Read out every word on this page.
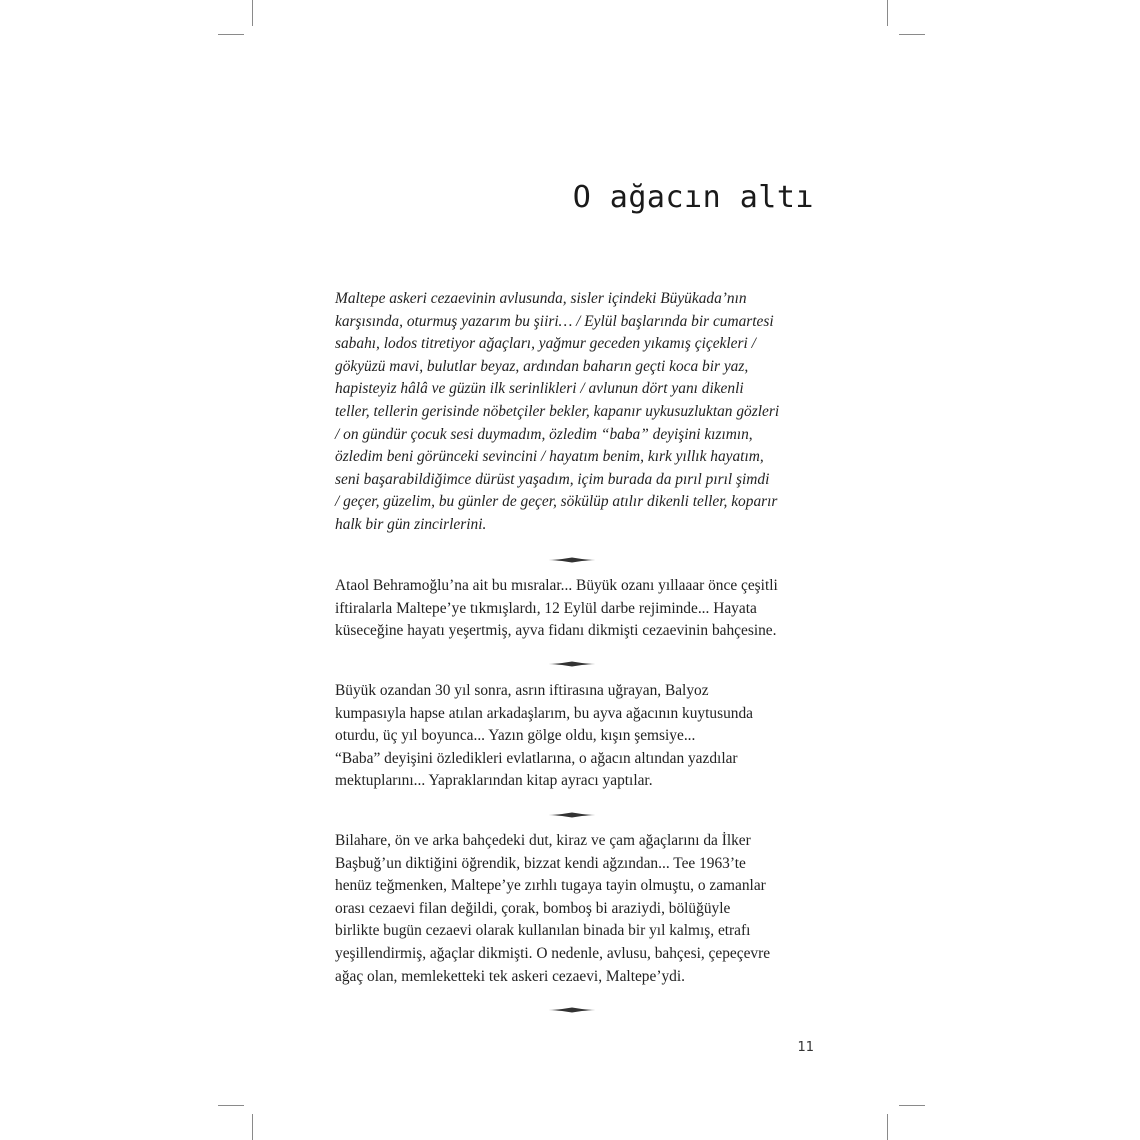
O ağacın altı

Maltepe askeri cezaevinin avlusunda, sisler içindeki Büyükada’nın
karşısında, oturmuş yazarım bu şiiri… / Eylül başlarında bir cumartesi
sabahı, lodos titretiyor ağaçları, yağmur geceden yıkamış çiçekleri /
gökyüzü mavi, bulutlar beyaz, ardından baharın geçti koca bir yaz,
hapisteyiz hâlâ ve güzün ilk serinlikleri / avlunun dört yanı dikenli
teller, tellerin gerisinde nöbetçiler bekler, kapanır uykusuzluktan gözleri
/ on gündür çocuk sesi duymadım, özledim “baba” deyişini kızımın,
özledim beni görünceki sevincini / hayatım benim, kırk yıllık hayatım,
seni başarabildiğimce dürüst yaşadım, içim burada da pırıl pırıl şimdi
/ geçer, güzelim, bu günler de geçer, sökülüp atılır dikenli teller, koparır
halk bir gün zincirlerini.

Ataol Behramoğlu’na ait bu mısralar... Büyük ozanı yıllaaar önce çeşitli
iftiralarla Maltepe’ye tıkmışlardı, 12 Eylül darbe rejiminde... Hayata
küseceğine hayatı yeşertmiş, ayva fidanı dikmişti cezaevinin bahçesine.

Büyük ozandan 30 yıl sonra, asrın iftirasına uğrayan, Balyoz
kumpasıyla hapse atılan arkadaşlarım, bu ayva ağacının kuytusunda
oturdu, üç yıl boyunca... Yazın gölge oldu, kışın şemsiye...
“Baba” deyişini özledikleri evlatlarına, o ağacın altından yazdılar
mektuplarını... Yapraklarından kitap ayracı yaptılar.

Bilahare, ön ve arka bahçedeki dut, kiraz ve çam ağaçlarını da İlker
Başbuğ’un diktiğini öğrendik, bizzat kendi ağzından... Tee 1963’te
henüz teğmenken, Maltepe’ye zırhlı tugaya tayin olmuştu, o zamanlar
orası cezaevi filan değildi, çorak, bomboş bi araziydi, bölüğüyle
birlikte bugün cezaevi olarak kullanılan binada bir yıl kalmış, etrafı
yeşillendirmiş, ağaçlar dikmişti. O nedenle, avlusu, bahçesi, çepeçevre
ağaç olan, memleketteki tek askeri cezaevi, Maltepe’ydi.

11
